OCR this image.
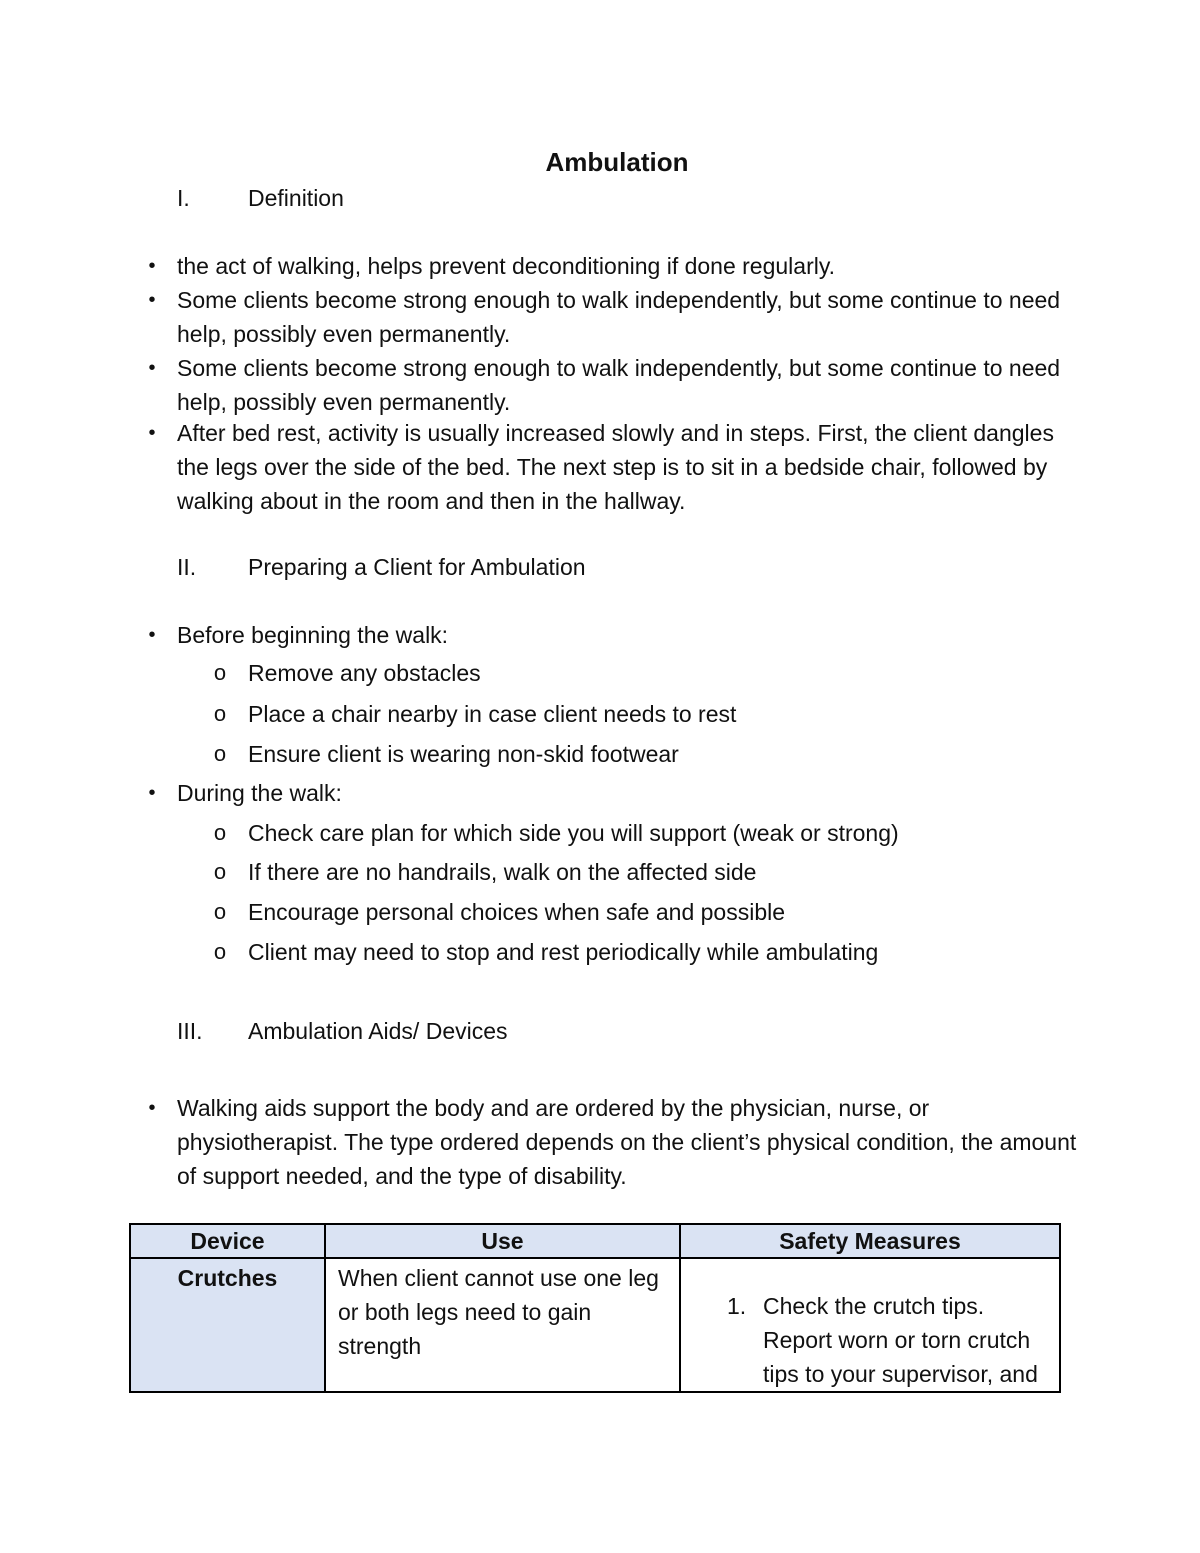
Ambulation
I.	Definition
• the act of walking, helps prevent deconditioning if done regularly.
• Some clients become strong enough to walk independently, but some continue to need help, possibly even permanently.
• Some clients become strong enough to walk independently, but some continue to need help, possibly even permanently.
• After bed rest, activity is usually increased slowly and in steps. First, the client dangles the legs over the side of the bed. The next step is to sit in a bedside chair, followed by walking about in the room and then in the hallway.
II. Preparing a Client for Ambulation
• Before beginning the walk:
o Remove any obstacles
o Place a chair nearby in case client needs to rest
o Ensure client is wearing non-skid footwear
• During the walk:
o Check care plan for which side you will support (weak or strong)
o If there are no handrails, walk on the affected side
o Encourage personal choices when safe and possible
o Client may need to stop and rest periodically while ambulating
III. Ambulation Aids/ Devices
• Walking aids support the body and are ordered by the physician, nurse, or physiotherapist. The type ordered depends on the client’s physical condition, the amount of support needed, and the type of disability.
Device	Use	Safety Measures
Crutches	When client cannot use one leg or both legs need to gain strength	1. Check the crutch tips. Report worn or torn crutch tips to your supervisor, and
